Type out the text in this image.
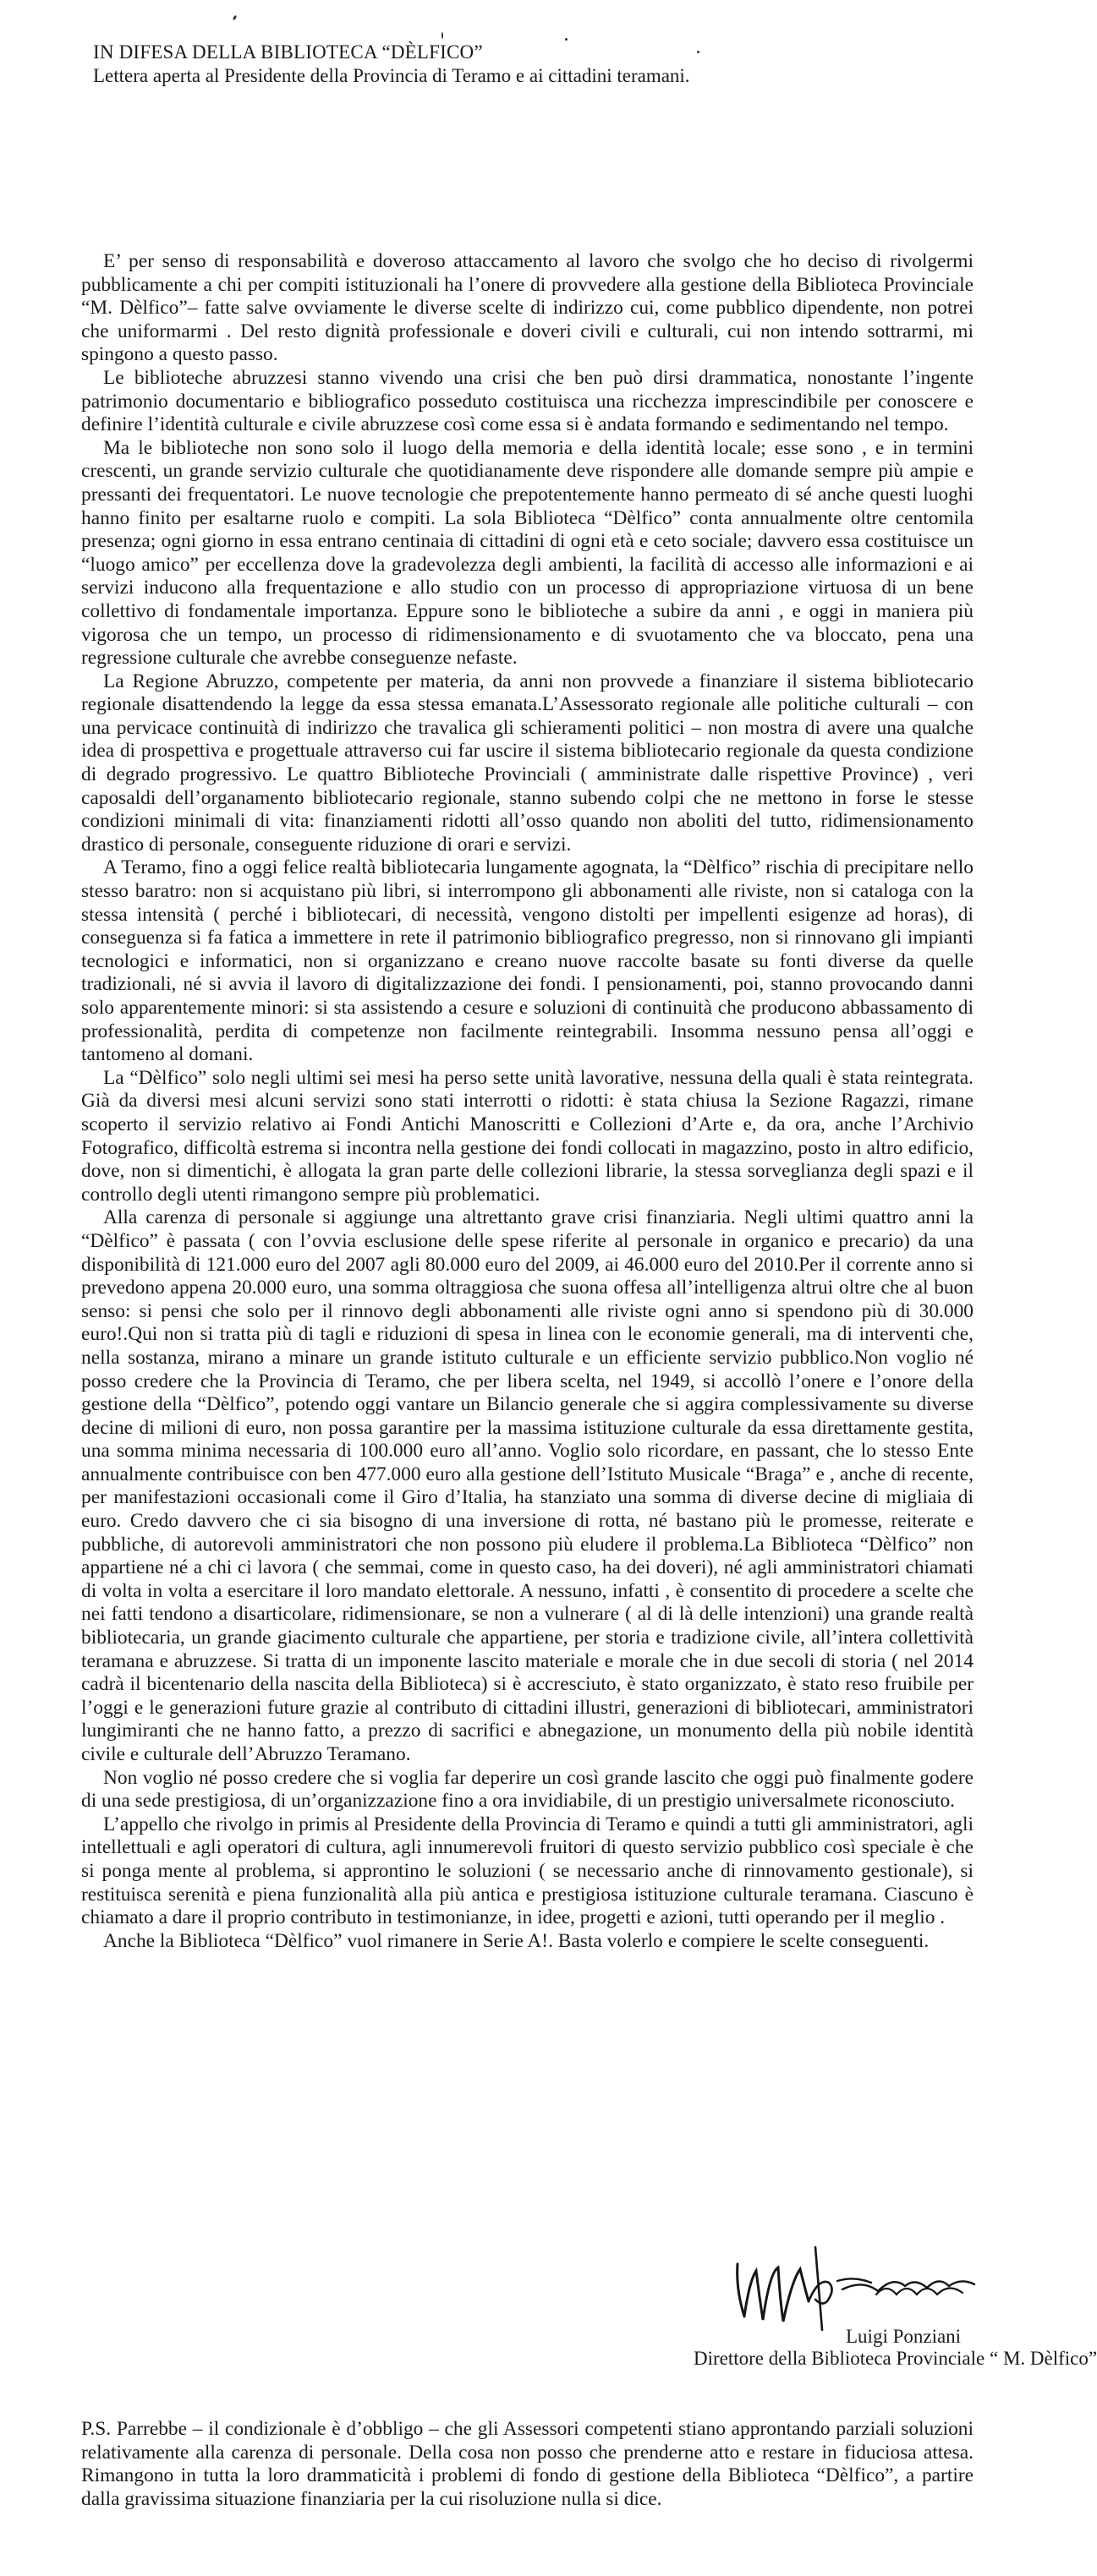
IN DIFESA DELLA BIBLIOTECA “DÈLFICO”
Lettera aperta al Presidente della Provincia di Teramo e ai cittadini teramani.

E’ per senso di responsabilità e doveroso attaccamento al lavoro che svolgo che ho deciso di rivolgermi pubblicamente a chi per compiti istituzionali ha l’onere di provvedere alla gestione della Biblioteca Provinciale “M. Dèlfico”– fatte salve ovviamente le diverse scelte di indirizzo cui, come pubblico dipendente, non potrei che uniformarmi . Del resto dignità professionale e doveri civili e culturali, cui non intendo sottrarmi, mi spingono a questo passo.

Le biblioteche abruzzesi stanno vivendo una crisi che ben può dirsi drammatica, nonostante l’ingente patrimonio documentario e bibliografico posseduto costituisca una ricchezza imprescindibile per conoscere e definire l’identità culturale e civile abruzzese così come essa si è andata formando e sedimentando nel tempo.

Ma le biblioteche non sono solo il luogo della memoria e della identità locale; esse sono , e in termini crescenti, un grande servizio culturale che quotidianamente deve rispondere alle domande sempre più ampie e pressanti dei frequentatori. Le nuove tecnologie che prepotentemente hanno permeato di sé anche questi luoghi hanno finito per esaltarne ruolo e compiti. La sola Biblioteca “Dèlfico” conta annualmente oltre centomila presenza; ogni giorno in essa entrano centinaia di cittadini di ogni età e ceto sociale; davvero essa costituisce un “luogo amico” per eccellenza dove la gradevolezza degli ambienti, la facilità di accesso alle informazioni e ai servizi inducono alla frequentazione e allo studio con un processo di appropriazione virtuosa di un bene collettivo di fondamentale importanza. Eppure sono le biblioteche a subire da anni , e oggi in maniera più vigorosa che un tempo, un processo di ridimensionamento e di svuotamento che va bloccato, pena una regressione culturale che avrebbe conseguenze nefaste.

La Regione Abruzzo, competente per materia, da anni non provvede a finanziare il sistema bibliotecario regionale disattendendo la legge da essa stessa emanata.L’Assessorato regionale alle politiche culturali – con una pervicace continuità di indirizzo che travalica gli schieramenti politici – non mostra di avere una qualche idea di prospettiva e progettuale attraverso cui far uscire il sistema bibliotecario regionale da questa condizione di degrado progressivo. Le quattro Biblioteche Provinciali ( amministrate dalle rispettive Province) , veri caposaldi dell’organamento bibliotecario regionale, stanno subendo colpi che ne mettono in forse le stesse condizioni minimali di vita: finanziamenti ridotti all’osso quando non aboliti del tutto, ridimensionamento drastico di personale, conseguente riduzione di orari e servizi.

A Teramo, fino a oggi felice realtà bibliotecaria lungamente agognata, la “Dèlfico” rischia di precipitare nello stesso baratro: non si acquistano più libri, si interrompono gli abbonamenti alle riviste, non si cataloga con la stessa intensità ( perché i bibliotecari, di necessità, vengono distolti per impellenti esigenze ad horas), di conseguenza si fa fatica a immettere in rete il patrimonio bibliografico pregresso, non si rinnovano gli impianti tecnologici e informatici, non si organizzano e creano nuove raccolte basate su fonti diverse da quelle tradizionali, né si avvia il lavoro di digitalizzazione dei fondi. I pensionamenti, poi, stanno provocando danni solo apparentemente minori: si sta assistendo a cesure e soluzioni di continuità che producono abbassamento di professionalità, perdita di competenze non facilmente reintegrabili. Insomma nessuno pensa all’oggi e tantomeno al domani.

La “Dèlfico” solo negli ultimi sei mesi ha perso sette unità lavorative, nessuna della quali è stata reintegrata. Già da diversi mesi alcuni servizi sono stati interrotti o ridotti: è stata chiusa la Sezione Ragazzi, rimane scoperto il servizio relativo ai Fondi Antichi Manoscritti e Collezioni d’Arte e, da ora, anche l’Archivio Fotografico, difficoltà estrema si incontra nella gestione dei fondi collocati in magazzino, posto in altro edificio, dove, non si dimentichi, è allogata la gran parte delle collezioni librarie, la stessa sorveglianza degli spazi e il controllo degli utenti rimangono sempre più problematici.

Alla carenza di personale si aggiunge una altrettanto grave crisi finanziaria. Negli ultimi quattro anni la “Dèlfico” è passata ( con l’ovvia esclusione delle spese riferite al personale in organico e precario) da una disponibilità di 121.000 euro del 2007 agli 80.000 euro del 2009, ai 46.000 euro del 2010.Per il corrente anno si prevedono appena 20.000 euro, una somma oltraggiosa che suona offesa all’intelligenza altrui oltre che al buon senso: si pensi che solo per il rinnovo degli abbonamenti alle riviste ogni anno si spendono più di 30.000 euro!.Qui non si tratta più di tagli e riduzioni di spesa in linea con le economie generali, ma di interventi che, nella sostanza, mirano a minare un grande istituto culturale e un efficiente servizio pubblico.Non voglio né posso credere che la Provincia di Teramo, che per libera scelta, nel 1949, si accollò l’onere e l’onore della gestione della “Dèlfico”, potendo oggi vantare un Bilancio generale che si aggira complessivamente su diverse decine di milioni di euro, non possa garantire per la massima istituzione culturale da essa direttamente gestita, una somma minima necessaria di 100.000 euro all’anno. Voglio solo ricordare, en passant, che lo stesso Ente annualmente contribuisce con ben 477.000 euro alla gestione dell’Istituto Musicale “Braga” e , anche di recente, per manifestazioni occasionali come il Giro d’Italia, ha stanziato una somma di diverse decine di migliaia di euro. Credo davvero che ci sia bisogno di una inversione di rotta, né bastano più le promesse, reiterate e pubbliche, di autorevoli amministratori che non possono più eludere il problema.La Biblioteca “Dèlfico” non appartiene né a chi ci lavora ( che semmai, come in questo caso, ha dei doveri), né agli amministratori chiamati di volta in volta a esercitare il loro mandato elettorale. A nessuno, infatti , è consentito di procedere a scelte che nei fatti tendono a disarticolare, ridimensionare, se non a vulnerare ( al di là delle intenzioni) una grande realtà bibliotecaria, un grande giacimento culturale che appartiene, per storia e tradizione civile, all’intera collettività teramana e abruzzese. Si tratta di un imponente lascito materiale e morale che in due secoli di storia ( nel 2014 cadrà il bicentenario della nascita della Biblioteca) si è accresciuto, è stato organizzato, è stato reso fruibile per l’oggi e le generazioni future grazie al contributo di cittadini illustri, generazioni di bibliotecari, amministratori lungimiranti che ne hanno fatto, a prezzo di sacrifici e abnegazione, un monumento della più nobile identità civile e culturale dell’Abruzzo Teramano.

Non voglio né posso credere che si voglia far deperire un così grande lascito che oggi può finalmente godere di una sede prestigiosa, di un’organizzazione fino a ora invidiabile, di un prestigio universalmete riconosciuto.

L’appello che rivolgo in primis al Presidente della Provincia di Teramo e quindi a tutti gli amministratori, agli intellettuali e agli operatori di cultura, agli innumerevoli fruitori di questo servizio pubblico così speciale è che si ponga mente al problema, si approntino le soluzioni ( se necessario anche di rinnovamento gestionale), si restituisca serenità e piena funzionalità alla più antica e prestigiosa istituzione culturale teramana. Ciascuno è chiamato a dare il proprio contributo in testimonianze, in idee, progetti e azioni, tutti operando per il meglio .

Anche la Biblioteca “Dèlfico” vuol rimanere in Serie A!. Basta volerlo e compiere le scelte conseguenti.

Luigi Ponziani
Direttore della Biblioteca Provinciale “ M. Dèlfico”
P.S. Parrebbe – il condizionale è d’obbligo – che gli Assessori competenti stiano approntando parziali soluzioni relativamente alla carenza di personale. Della cosa non posso che prenderne atto e restare in fiduciosa attesa. Rimangono in tutta la loro drammaticità i problemi di fondo di gestione della Biblioteca “Dèlfico”, a partire dalla gravissima situazione finanziaria per la cui risoluzione nulla si dice.
